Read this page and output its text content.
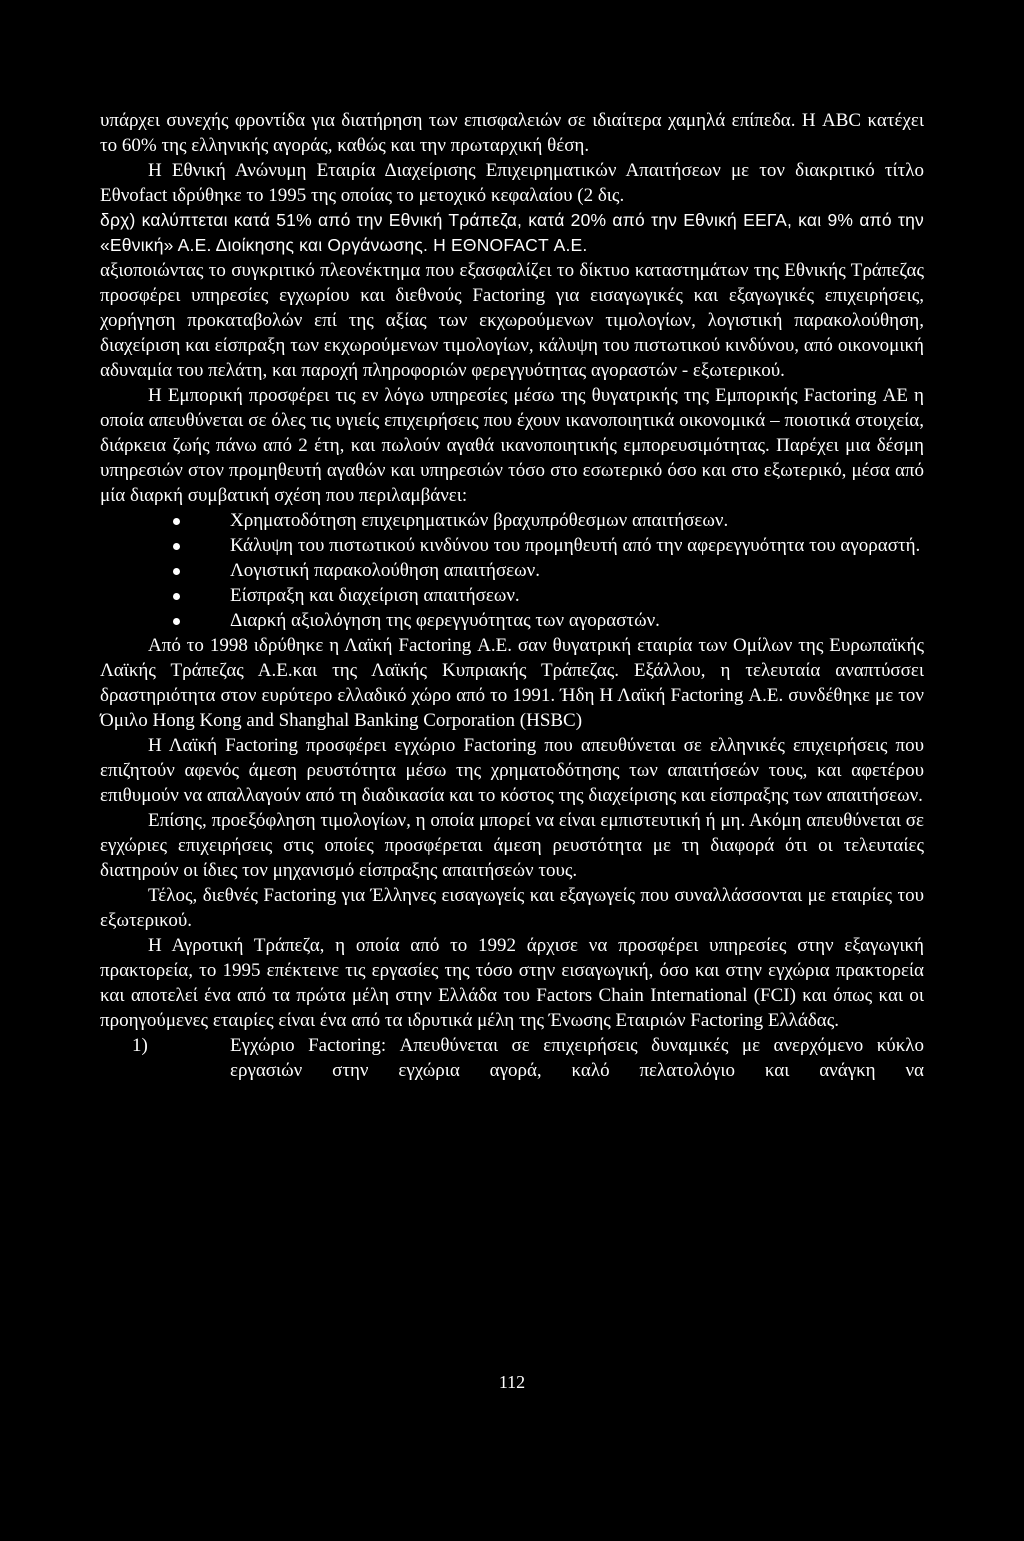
υπάρχει συνεχής φροντίδα για διατήρηση των επισφαλειών σε ιδιαίτερα χαμηλά επίπεδα. Η ABC κατέχει το 60% της ελληνικής αγοράς, καθώς και την πρωταρχική θέση.

Η Εθνική Ανώνυμη Εταιρία Διαχείρισης Επιχειρηματικών Απαιτήσεων με τον διακριτικό τίτλο Εθνofact ιδρύθηκε το 1995 της οποίας το μετοχικό κεφαλαίου (2 δις.

δρχ) καλύπτεται κατά 51% από την Εθνική Τράπεζα, κατά 20% από την Εθνική ΕΕΓΑ, και 9% από την «Εθνική» Α.Ε. Διοίκησης και Οργάνωσης. Η ΕΘΝΟFACT Α.Ε.

αξιοποιώντας το συγκριτικό πλεονέκτημα που εξασφαλίζει το δίκτυο καταστημάτων της Εθνικής Τράπεζας προσφέρει υπηρεσίες εγχωρίου και διεθνούς Factoring για εισαγωγικές και εξαγωγικές επιχειρήσεις, χορήγηση προκαταβολών επί της αξίας των εκχωρούμενων τιμολογίων, λογιστική παρακολούθηση, διαχείριση και είσπραξη των εκχωρούμενων τιμολογίων, κάλυψη του πιστωτικού κινδύνου, από οικονομική αδυναμία του πελάτη, και παροχή πληροφοριών φερεγγυότητας αγοραστών - εξωτερικού.

Η Εμπορική προσφέρει τις εν λόγω υπηρεσίες μέσω της θυγατρικής της Εμπορικής Factoring ΑΕ η οποία απευθύνεται σε όλες τις υγιείς επιχειρήσεις που έχουν ικανοποιητικά οικονομικά – ποιοτικά στοιχεία, διάρκεια ζωής πάνω από 2 έτη, και πωλούν αγαθά ικανοποιητικής εμπορευσιμότητας. Παρέχει μια δέσμη υπηρεσιών στον προμηθευτή αγαθών και υπηρεσιών τόσο στο εσωτερικό όσο και στο εξωτερικό, μέσα από μία διαρκή συμβατική σχέση που περιλαμβάνει:

Χρηματοδότηση επιχειρηματικών βραχυπρόθεσμων απαιτήσεων.
Κάλυψη του πιστωτικού κινδύνου του προμηθευτή από την αφερεγγυότητα του αγοραστή.
Λογιστική παρακολούθηση απαιτήσεων.
Είσπραξη και διαχείριση απαιτήσεων.
Διαρκή αξιολόγηση της φερεγγυότητας των αγοραστών.

Από το 1998 ιδρύθηκε η Λαϊκή Factoring Α.Ε. σαν θυγατρική εταιρία των Ομίλων της Ευρωπαϊκής Λαϊκής Τράπεζας Α.Ε.και της Λαϊκής Κυπριακής Τράπεζας. Εξάλλου, η τελευταία αναπτύσσει δραστηριότητα στον ευρύτερο ελλαδικό χώρο από το 1991. Ήδη Η Λαϊκή Factoring Α.Ε. συνδέθηκε με τον Όμιλο Hong Kong and Shanghal Banking Corporation (HSBC)

Η Λαϊκή Factoring προσφέρει εγχώριο Factoring που απευθύνεται σε ελληνικές επιχειρήσεις που επιζητούν αφενός άμεση ρευστότητα μέσω της χρηματοδότησης των απαιτήσεών τους, και αφετέρου επιθυμούν να απαλλαγούν από τη διαδικασία και το κόστος της διαχείρισης και είσπραξης των απαιτήσεων.

Επίσης, προεξόφληση τιμολογίων, η οποία μπορεί να είναι εμπιστευτική ή μη. Ακόμη απευθύνεται σε εγχώριες επιχειρήσεις στις οποίες προσφέρεται άμεση ρευστότητα με τη διαφορά ότι οι τελευταίες διατηρούν οι ίδιες τον μηχανισμό είσπραξης απαιτήσεών τους.

Τέλος, διεθνές Factoring για Έλληνες εισαγωγείς και εξαγωγείς που συναλλάσσονται με εταιρίες του εξωτερικού.

Η Αγροτική Τράπεζα, η οποία από το 1992 άρχισε να προσφέρει υπηρεσίες στην εξαγωγική πρακτορεία, το 1995 επέκτεινε τις εργασίες της τόσο στην εισαγωγική, όσο και στην εγχώρια πρακτορεία και αποτελεί ένα από τα πρώτα μέλη στην Ελλάδα του Factors Chain International (FCI) και όπως και οι προηγούμενες εταιρίες είναι ένα από τα ιδρυτικά μέλη της Ένωσης Εταιριών Factoring Ελλάδας.

1)	Εγχώριο Factoring: Απευθύνεται σε επιχειρήσεις δυναμικές με ανερχόμενο κύκλο εργασιών στην εγχώρια αγορά, καλό πελατολόγιο και ανάγκη να
112
